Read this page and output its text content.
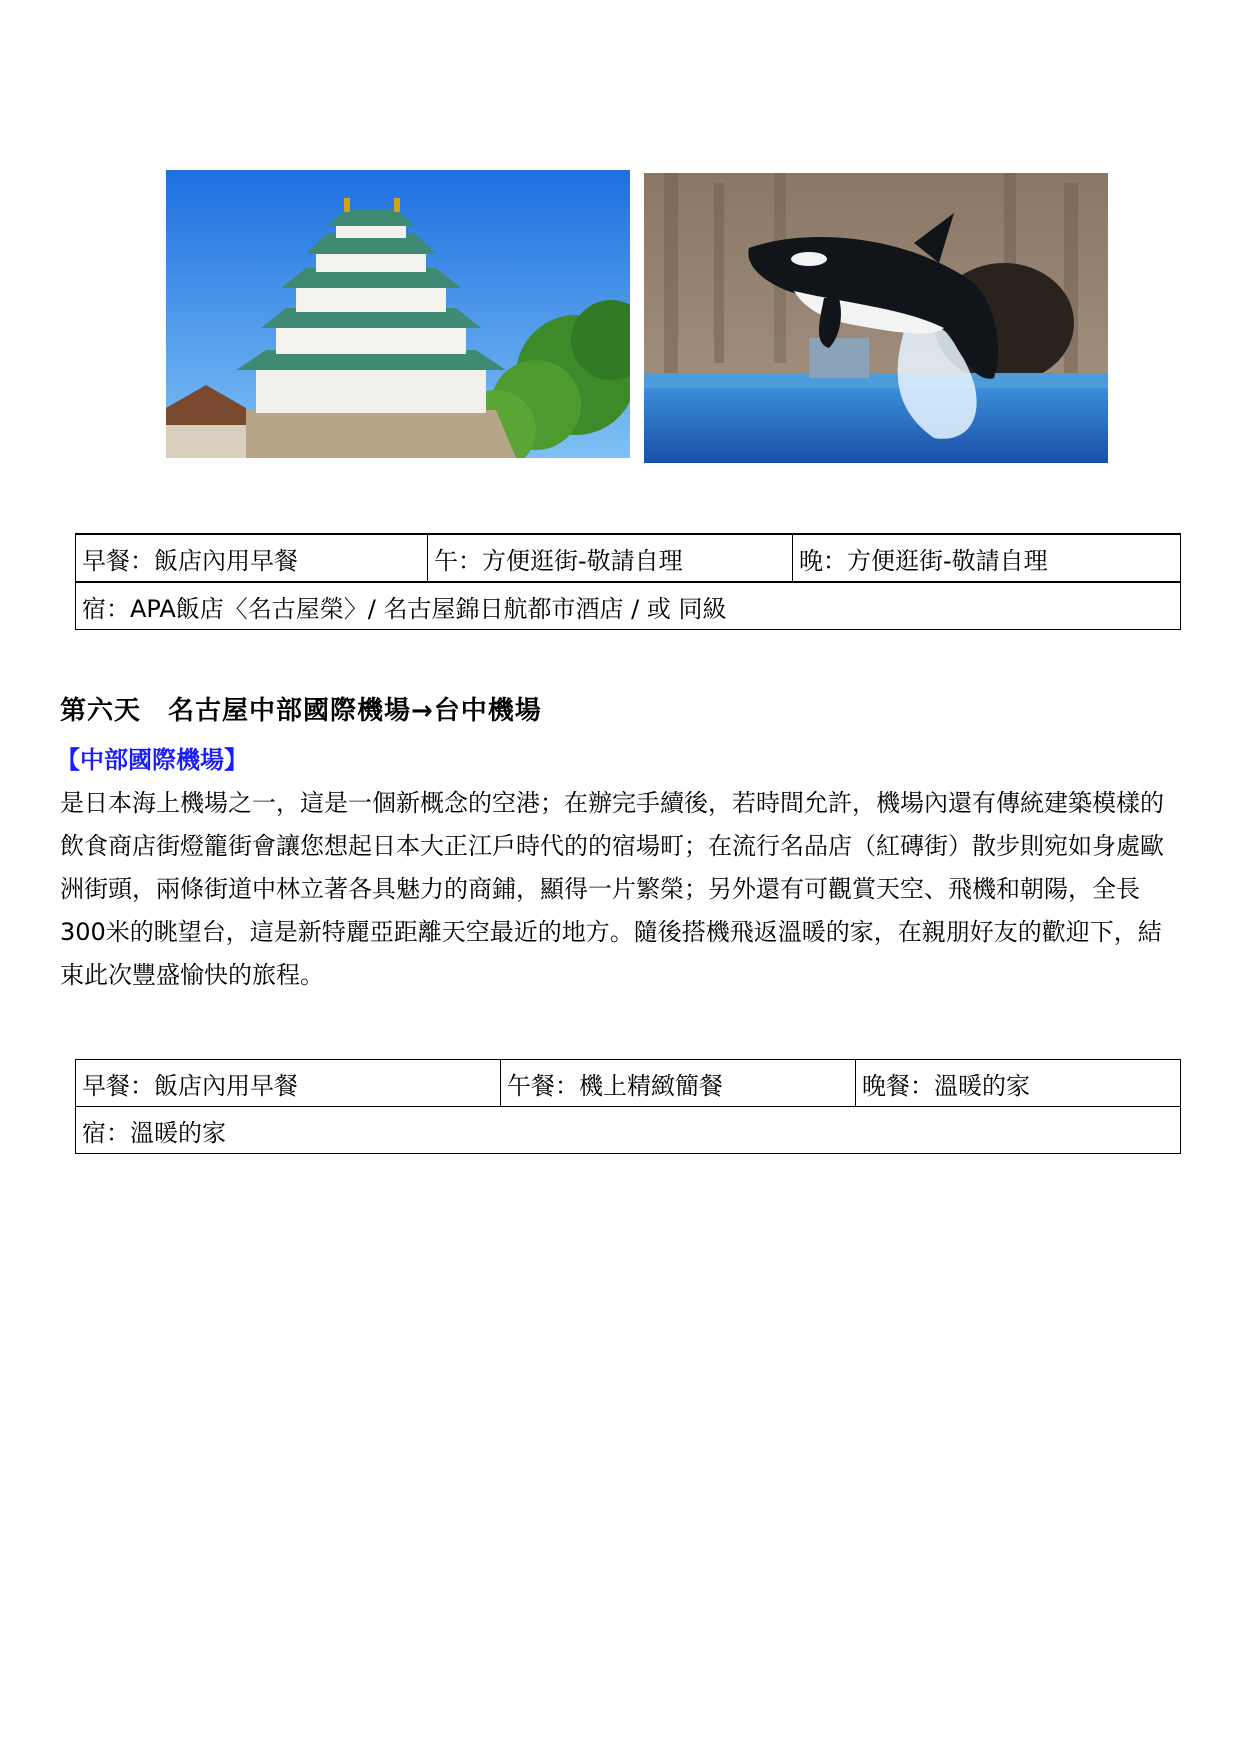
早餐：飯店內用早餐	午：方便逛街-敬請自理	晚：方便逛街-敬請自理
宿：APA飯店〈名古屋榮〉/ 名古屋錦日航都市酒店 / 或 同級
第六天　名古屋中部國際機場→台中機場
【中部國際機場】

是日本海上機場之一，這是一個新概念的空港；在辦完手續後，若時間允許，機場內還有傳統建築模樣的飲食商店街燈籠街會讓您想起日本大正江戶時代的的宿場町；在流行名品店（紅磚街）散步則宛如身處歐洲街頭，兩條街道中林立著各具魅力的商鋪，顯得一片繁榮；另外還有可觀賞天空、飛機和朝陽，全長300米的眺望台，這是新特麗亞距離天空最近的地方。隨後搭機飛返溫暖的家，在親朋好友的歡迎下，結束此次豐盛愉快的旅程。

早餐：飯店內用早餐	午餐：機上精緻簡餐	晚餐：溫暖的家
宿：溫暖的家
